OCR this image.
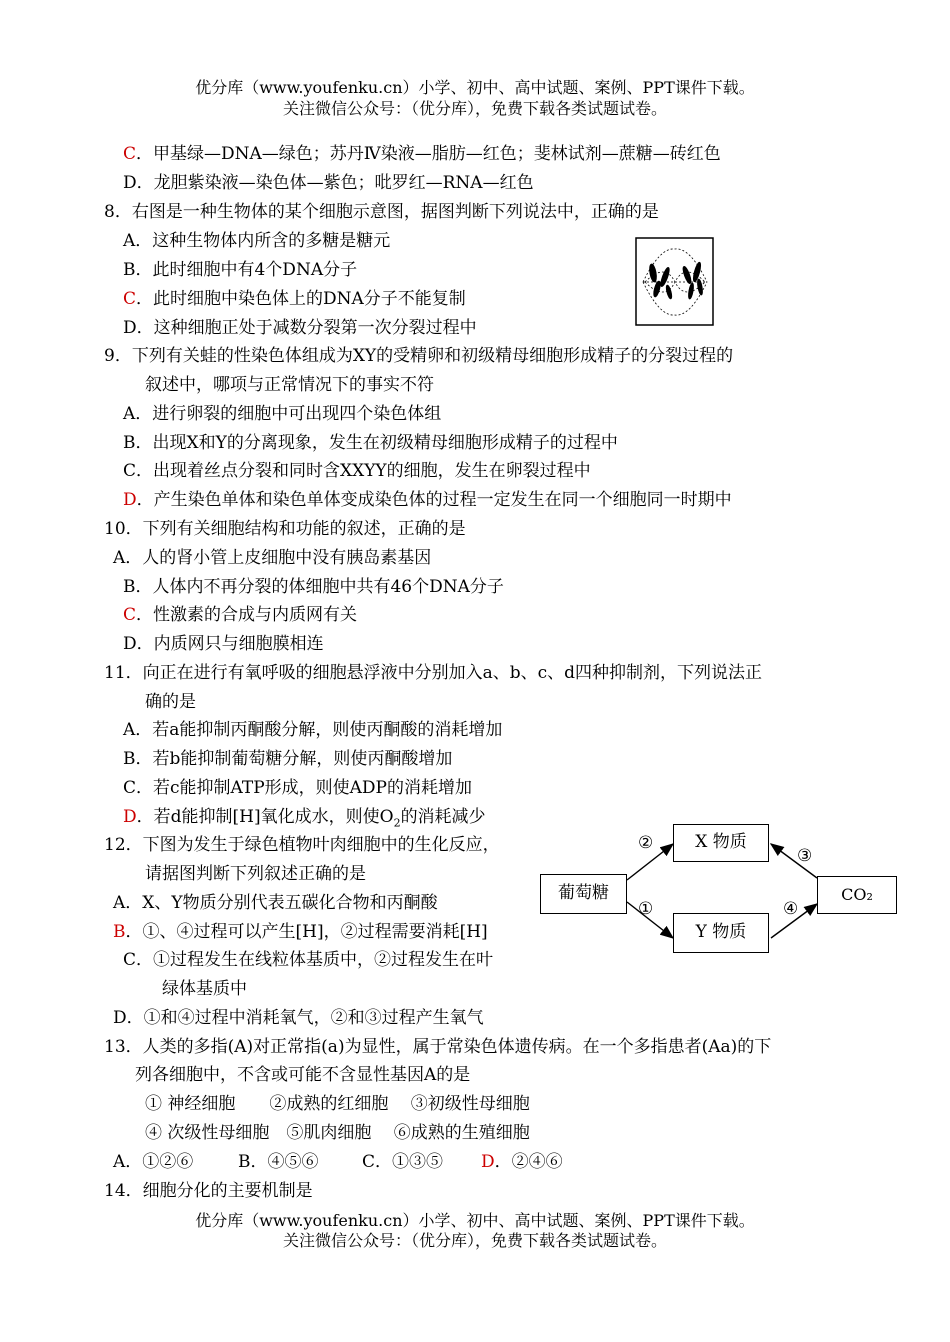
优分库（www.youfenku.cn）小学、初中、高中试题、案例、PPT课件下载。
关注微信公众号：（优分库），免费下载各类试题试卷。
C．甲基绿—DNA—绿色；苏丹Ⅳ染液—脂肪—红色；斐林试剂—蔗糖—砖红色
D．龙胆紫染液—染色体—紫色；吡罗红—RNA—红色
8．右图是一种生物体的某个细胞示意图，据图判断下列说法中，正确的是
A．这种生物体内所含的多糖是糖元
B．此时细胞中有4个DNA分子
C．此时细胞中染色体上的DNA分子不能复制
D．这种细胞正处于减数分裂第一次分裂过程中
9．下列有关蛙的性染色体组成为XY的受精卵和初级精母细胞形成精子的分裂过程的
叙述中，哪项与正常情况下的事实不符
A．进行卵裂的细胞中可出现四个染色体组
B．出现X和Y的分离现象，发生在初级精母细胞形成精子的过程中
C．出现着丝点分裂和同时含XXYY的细胞，发生在卵裂过程中
D．产生染色单体和染色单体变成染色体的过程一定发生在同一个细胞同一时期中
10．下列有关细胞结构和功能的叙述，正确的是
A．人的肾小管上皮细胞中没有胰岛素基因
B．人体内不再分裂的体细胞中共有46个DNA分子
C．性激素的合成与内质网有关
D．内质网只与细胞膜相连
11．向正在进行有氧呼吸的细胞悬浮液中分别加入a、b、c、d四种抑制剂，下列说法正
确的是
A．若a能抑制丙酮酸分解，则使丙酮酸的消耗增加
B．若b能抑制葡萄糖分解，则使丙酮酸增加
C．若c能抑制ATP形成，则使ADP的消耗增加
D．若d能抑制[H]氧化成水，则使$O_2$的消耗减少
12．下图为发生于绿色植物叶肉细胞中的生化反应，
请据图判断下列叙述正确的是
A．X、Y物质分别代表五碳化合物和丙酮酸
B．①、④过程可以产生[H]，②过程需要消耗[H]
C．①过程发生在线粒体基质中，②过程发生在叶
绿体基质中
D．①和④过程中消耗氧气，②和③过程产生氧气
葡萄糖
X 物质
Y 物质
CO₂
②
①
③
④
13．人类的多指(A)对正常指(a)为显性，属于常染色体遗传病。在一个多指患者(Aa)的下
列各细胞中，不含或可能不含显性基因A的是
① 神经细胞　　②成熟的红细胞　 ③初级性母细胞
④ 次级性母细胞　⑤肌肉细胞　 ⑥成熟的生殖细胞
A．①②⑥	B．④⑤⑥	C．①③⑤ D．②④⑥
14．细胞分化的主要机制是
优分库（www.youfenku.cn）小学、初中、高中试题、案例、PPT课件下载。
关注微信公众号：（优分库），免费下载各类试题试卷。
